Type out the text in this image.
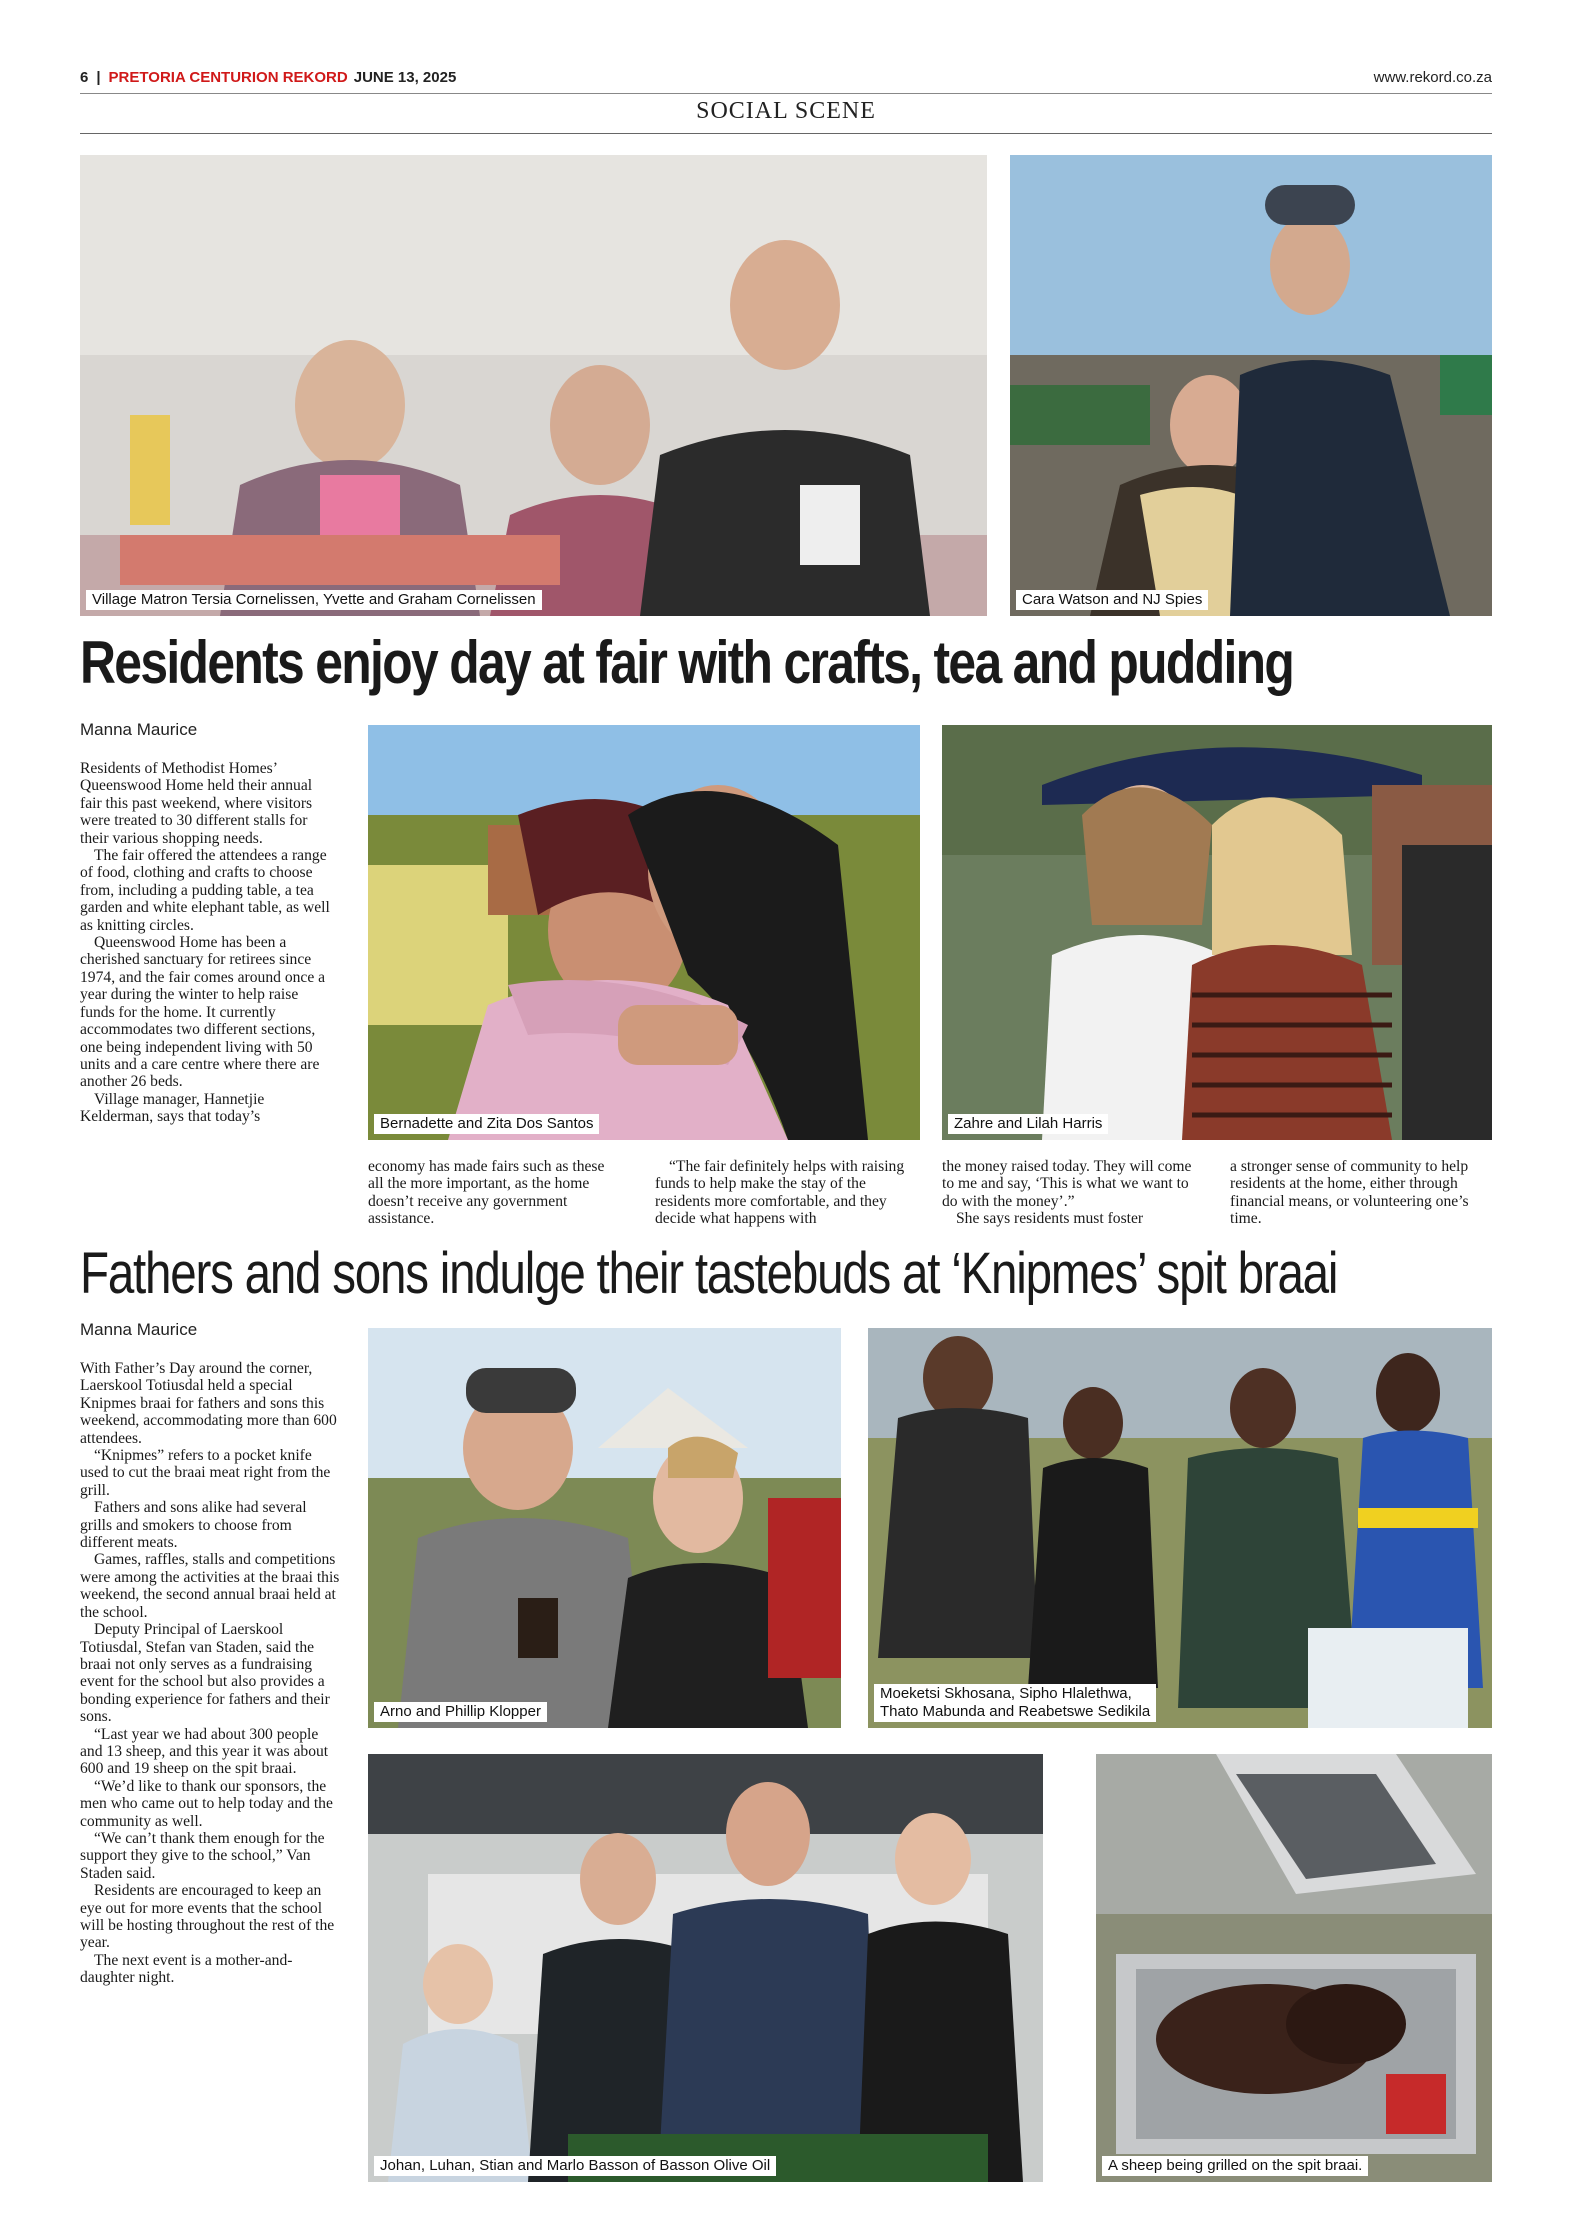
6 | PRETORIA CENTURION REKORD JUNE 13, 2025	www.rekord.co.za
SOCIAL SCENE
Village Matron Tersia Cornelissen, Yvette and Graham Cornelissen	Cara Watson and NJ Spies
Residents enjoy day at fair with crafts, tea and pudding
Manna Maurice

Residents of Methodist Homes’ Queenswood Home held their annual fair this past weekend, where visitors were treated to 30 different stalls for their various shopping needs.

The fair offered the attendees a range of food, clothing and crafts to choose from, including a pudding table, a tea garden and white elephant table, as well as knitting circles.

Queenswood Home has been a cherished sanctuary for retirees since 1974, and the fair comes around once a year during the winter to help raise funds for the home. It currently accommodates two different sections, one being independent living with 50 units and a care centre where there are another 26 beds.

Village manager, Hannetjie Kelderman, says that today’s	Bernadette and Zita Dos Santos	Zahre and Lilah Harris

economy has made fairs such as these all the more important, as the home doesn’t receive any government assistance.

“The fair definitely helps with raising funds to help make the stay of the residents more comfortable, and they decide what happens with

the money raised today. They will come to me and say, ‘This is what we want to do with the money’.”

She says residents must foster

a stronger sense of community to help residents at the home, either through financial means, or volunteering one’s time.

Fathers and sons indulge their tastebuds at ‘Knipmes’ spit braai
Manna Maurice

With Father’s Day around the corner, Laerskool Totiusdal held a special Knipmes braai for fathers and sons this weekend, accommodating more than 600 attendees.

“Knipmes” refers to a pocket knife used to cut the braai meat right from the grill.

Fathers and sons alike had several grills and smokers to choose from different meats.

Games, raffles, stalls and competitions were among the activities at the braai this weekend, the second annual braai held at the school.

Deputy Principal of Laerskool Totiusdal, Stefan van Staden, said the braai not only serves as a fundraising event for the school but also provides a bonding experience for fathers and their sons.

“Last year we had about 300 people and 13 sheep, and this year it was about 600 and 19 sheep on the spit braai.

“We’d like to thank our sponsors, the men who came out to help today and the community as well.

“We can’t thank them enough for the support they give to the school,” Van Staden said.

Residents are encouraged to keep an eye out for more events that the school will be hosting throughout the rest of the year.

The next event is a mother-and-daughter night.

Arno and Phillip Klopper
Moeketsi Skhosana, Sipho Hlalethwa,
Thato Mabunda and Reabetswe Sedikila
Johan, Luhan, Stian and Marlo Basson of Basson Olive Oil	A sheep being grilled on the spit braai.
